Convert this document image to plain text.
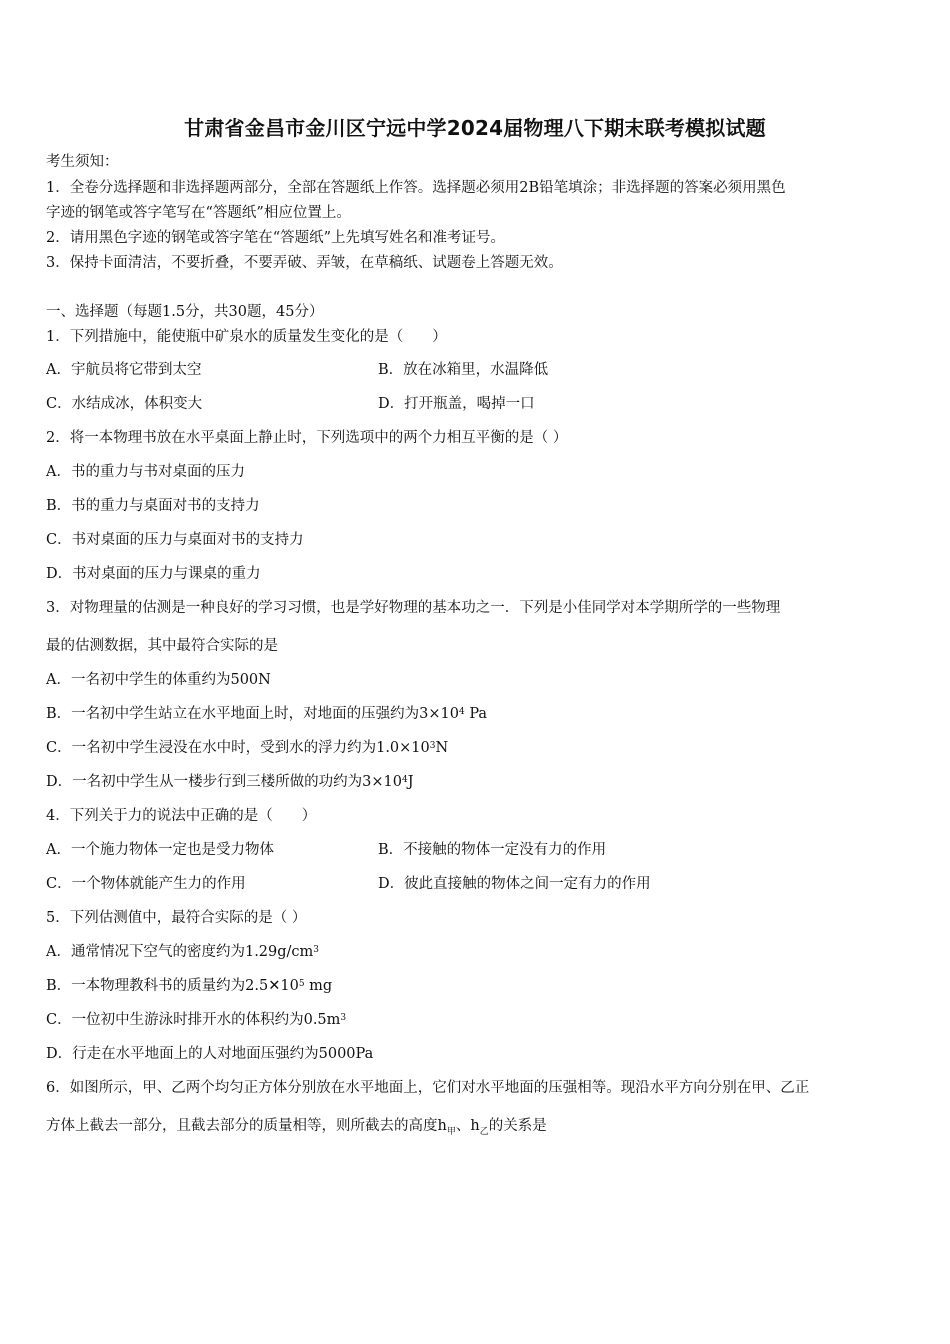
甘肃省金昌市金川区宁远中学2024届物理八下期末联考模拟试题
考生须知：
1．全卷分选择题和非选择题两部分，全部在答题纸上作答。选择题必须用2B铅笔填涂；非选择题的答案必须用黑色
字迹的钢笔或答字笔写在“答题纸”相应位置上。
2．请用黑色字迹的钢笔或答字笔在“答题纸”上先填写姓名和准考证号。
3．保持卡面清洁，不要折叠，不要弄破、弄皱，在草稿纸、试题卷上答题无效。
一、选择题（每题1.5分，共30题，45分）
1．下列措施中，能使瓶中矿泉水的质量发生变化的是（　　）
A．宇航员将它带到太空	B．放在冰箱里，水温降低
C．水结成冰，体积变大	D．打开瓶盖，喝掉一口
2．将一本物理书放在水平桌面上静止时，下列选项中的两个力相互平衡的是（ ）
A．书的重力与书对桌面的压力
B．书的重力与桌面对书的支持力
C．书对桌面的压力与桌面对书的支持力
D．书对桌面的压力与课桌的重力
3．对物理量的估测是一种良好的学习习惯，也是学好物理的基本功之一．下列是小佳同学对本学期所学的一些物理
最的估测数据，其中最符合实际的是
A．一名初中学生的体重约为500N
B．一名初中学生站立在水平地面上时，对地面的压强约为$3\times 10^4$ Pa
C．一名初中学生浸没在水中时，受到水的浮力约为$1.0\times 10^3N$
D．一名初中学生从一楼步行到三楼所做的功约为$3\times 10^4J$
4．下列关于力的说法中正确的是（　　）
A．一个施力物体一定也是受力物体	B．不接触的物体一定没有力的作用
C．一个物体就能产生力的作用	D．彼此直接触的物体之间一定有力的作用
5．下列估测值中，最符合实际的是（ ）
A．通常情况下空气的密度约为$1.29g/cm^3$
B．一本物理教科书的质量约为$2.5✕10^5$ mg
C．一位初中生游泳时排开水的体积约为$0.5m^3$
D．行走在水平地面上的人对地面压强约为5000Pa
6．如图所示，甲、乙两个均匀正方体分别放在水平地面上，它们对水平地面的压强相等。现沿水平方向分别在甲、乙正
方体上截去一部分，且截去部分的质量相等，则所截去的高度$h_甲$、$h_乙$的关系是
